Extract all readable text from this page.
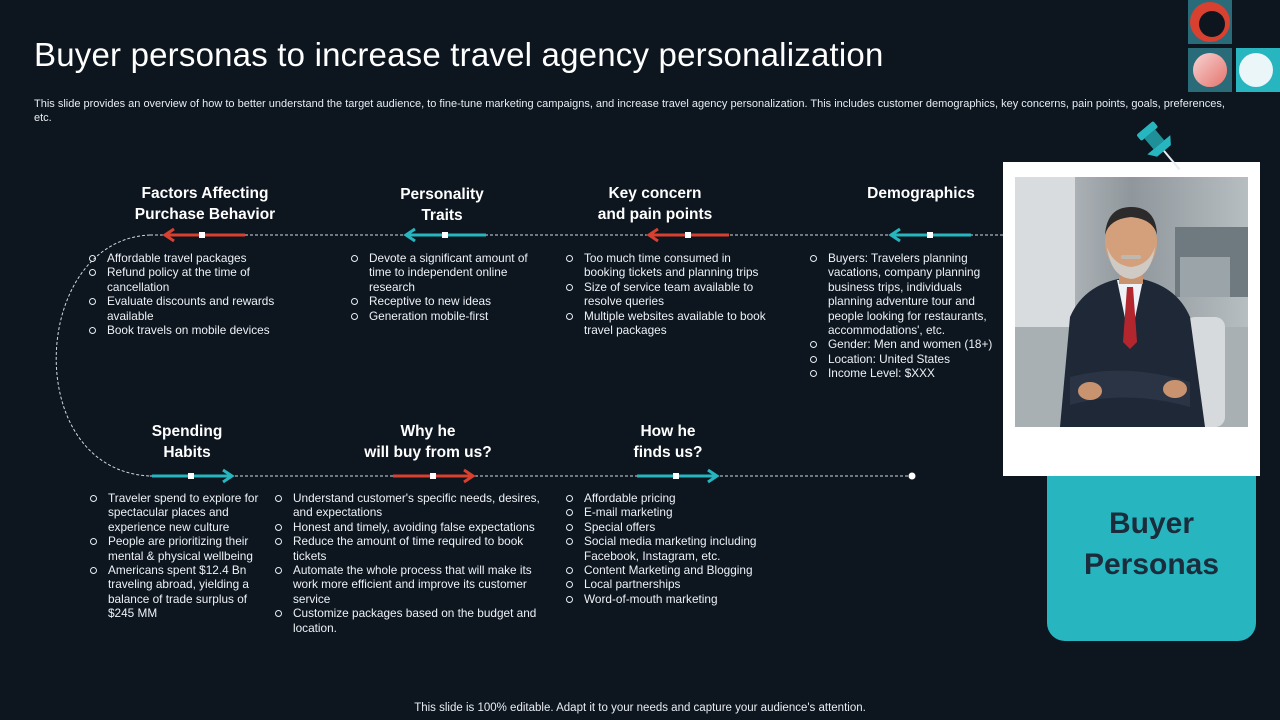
Buyer personas to increase travel agency personalization
This slide provides an overview of how to better understand the target audience, to fine-tune marketing campaigns, and increase travel agency personalization. This includes customer demographics, key concerns, pain points, goals, preferences, etc.
Factors Affecting
Purchase Behavior
Personality
Traits
Key concern
and pain points
Demographics
Affordable travel packages
Refund policy at the time of cancellation
Evaluate discounts and rewards available
Book travels on mobile devices
Devote a significant amount of time to independent online research
Receptive to new ideas
Generation mobile-first
Too much time consumed in booking tickets and planning trips
Size of service team available to resolve queries
Multiple websites available to book travel packages
Buyers: Travelers planning vacations, company planning business trips, individuals planning adventure tour and people looking for restaurants, accommodations', etc.
Gender: Men and women (18+)
Location: United States
Income Level: $XXX
Spending
Habits
Why he
will buy from us?
How he
finds us?
Traveler spend to explore for spectacular places and experience new culture
People are prioritizing their mental & physical wellbeing
Americans spent $12.4 Bn traveling abroad, yielding a balance of trade surplus of $245 MM
Understand customer's specific needs, desires, and expectations
Honest and timely, avoiding false expectations
Reduce the amount of time required to book tickets
Automate the whole process that will make its work more efficient and improve its customer service
Customize packages based on the budget and location.
Affordable pricing
E-mail marketing
Special offers
Social media marketing including Facebook, Instagram, etc.
Content Marketing and Blogging
Local partnerships
Word-of-mouth marketing
Buyer
Personas
This slide is 100% editable. Adapt it to your needs and capture your audience's attention.
